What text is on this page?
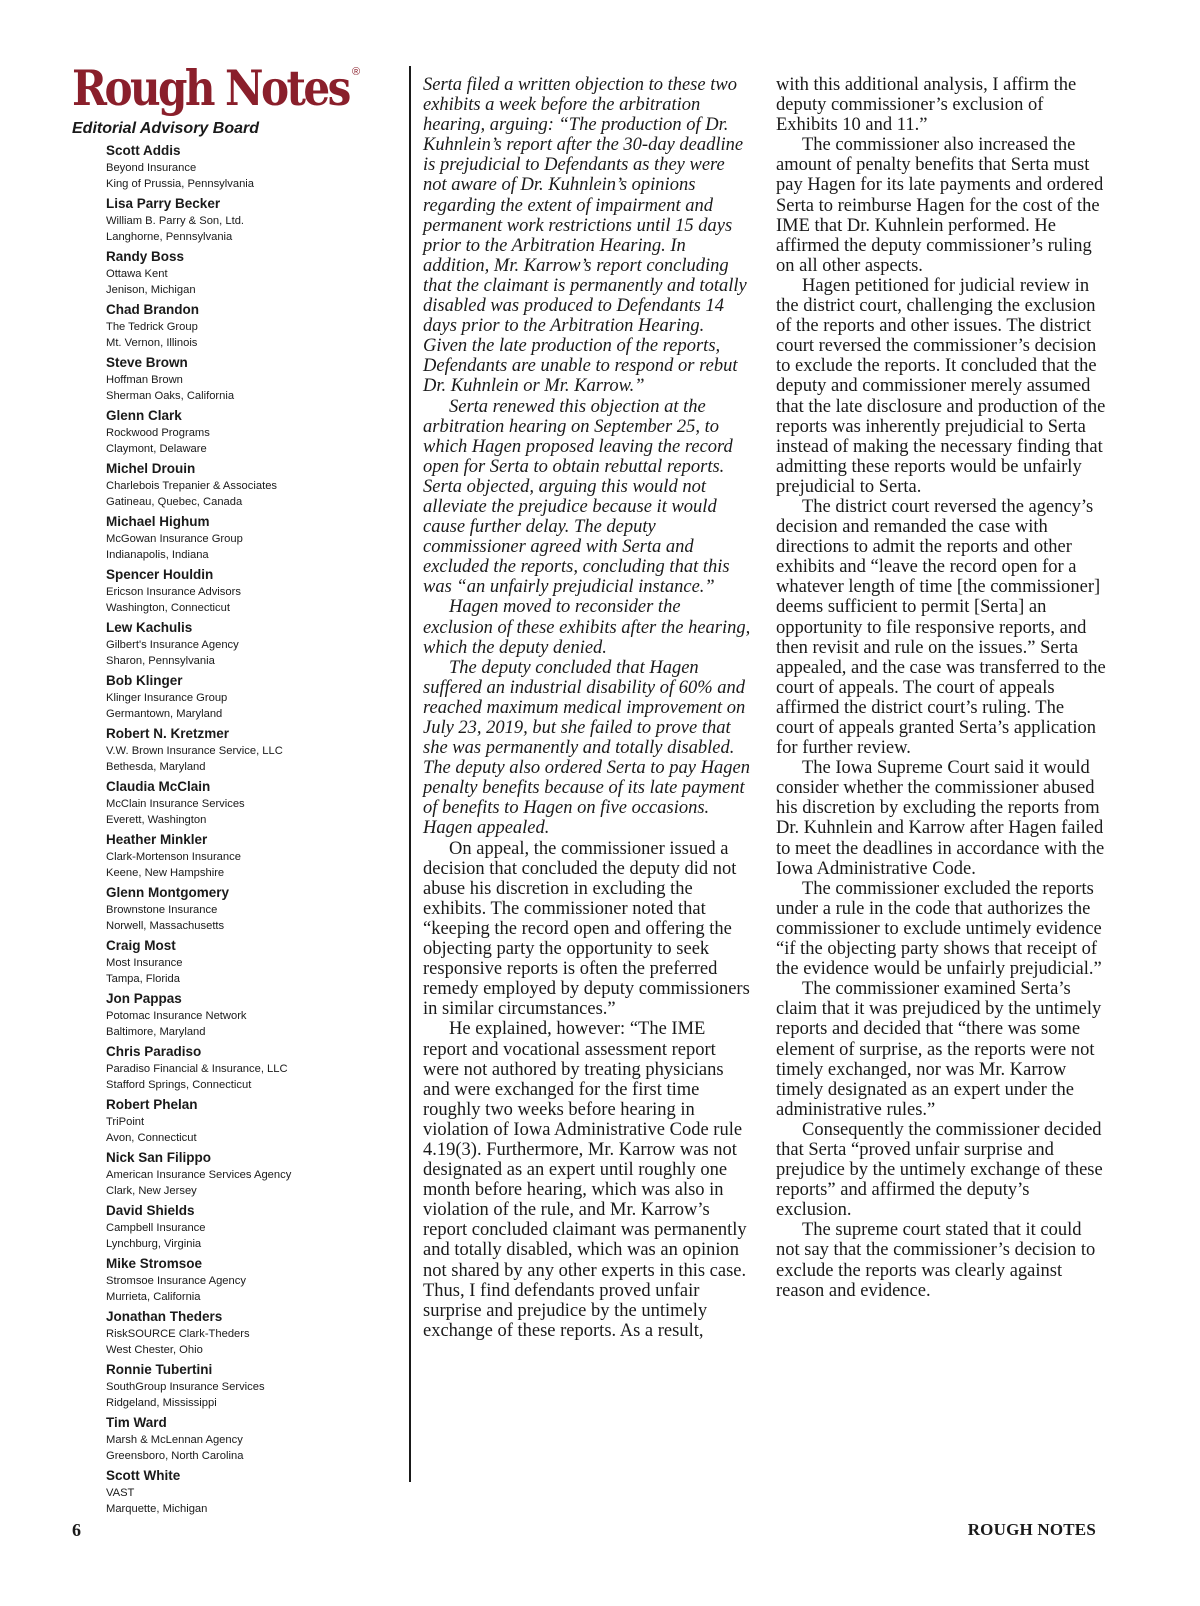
Rough Notes ®
Editorial Advisory Board
Scott Addis
Beyond Insurance
King of Prussia, Pennsylvania
Lisa Parry Becker
William B. Parry & Son, Ltd.
Langhorne, Pennsylvania
Randy Boss
Ottawa Kent
Jenison, Michigan
Chad Brandon
The Tedrick Group
Mt. Vernon, Illinois
Steve Brown
Hoffman Brown
Sherman Oaks, California
Glenn Clark
Rockwood Programs
Claymont, Delaware
Michel Drouin
Charlebois Trepanier & Associates
Gatineau, Quebec, Canada
Michael Highum
McGowan Insurance Group
Indianapolis, Indiana
Spencer Houldin
Ericson Insurance Advisors
Washington, Connecticut
Lew Kachulis
Gilbert's Insurance Agency
Sharon, Pennsylvania
Bob Klinger
Klinger Insurance Group
Germantown, Maryland
Robert N. Kretzmer
V.W. Brown Insurance Service, LLC
Bethesda, Maryland
Claudia McClain
McClain Insurance Services
Everett, Washington
Heather Minkler
Clark-Mortenson Insurance
Keene, New Hampshire
Glenn Montgomery
Brownstone Insurance
Norwell, Massachusetts
Craig Most
Most Insurance
Tampa, Florida
Jon Pappas
Potomac Insurance Network
Baltimore, Maryland
Chris Paradiso
Paradiso Financial & Insurance, LLC
Stafford Springs, Connecticut
Robert Phelan
TriPoint
Avon, Connecticut
Nick San Filippo
American Insurance Services Agency
Clark, New Jersey
David Shields
Campbell Insurance
Lynchburg, Virginia
Mike Stromsoe
Stromsoe Insurance Agency
Murrieta, California
Jonathan Theders
RiskSOURCE Clark-Theders
West Chester, Ohio
Ronnie Tubertini
SouthGroup Insurance Services
Ridgeland, Mississippi
Tim Ward
Marsh & McLennan Agency
Greensboro, North Carolina
Scott White
VAST
Marquette, Michigan

Serta filed a written objection to these two exhibits a week before the arbitration hearing, arguing: “The production of Dr. Kuhnlein’s report after the 30-day deadline is prejudicial to Defendants as they were not aware of Dr. Kuhnlein’s opinions regarding the extent of impairment and permanent work restrictions until 15 days prior to the Arbitration Hearing. In addition, Mr. Karrow’s report concluding that the claimant is permanently and totally disabled was produced to Defendants 14 days prior to the Arbitration Hearing. Given the late production of the reports, Defendants are unable to respond or rebut Dr. Kuhnlein or Mr. Karrow.”

Serta renewed this objection at the arbitration hearing on September 25, to which Hagen proposed leaving the record open for Serta to obtain rebuttal reports. Serta objected, arguing this would not alleviate the prejudice because it would cause further delay. The deputy commissioner agreed with Serta and excluded the reports, concluding that this was “an unfairly prejudicial instance.”

Hagen moved to reconsider the exclusion of these exhibits after the hearing, which the deputy denied.

The deputy concluded that Hagen suffered an industrial disability of 60% and reached maximum medical improvement on July 23, 2019, but she failed to prove that she was permanently and totally disabled. The deputy also ordered Serta to pay Hagen penalty benefits because of its late payment of benefits to Hagen on five occasions. Hagen appealed.

On appeal, the commissioner issued a decision that concluded the deputy did not abuse his discretion in excluding the exhibits. The commissioner noted that “keeping the record open and offering the objecting party the opportunity to seek responsive reports is often the preferred remedy employed by deputy commissioners in similar circumstances.”

He explained, however: “The IME report and vocational assessment report were not authored by treating physicians and were exchanged for the first time roughly two weeks before hearing in violation of Iowa Administrative Code rule 4.19(3). Furthermore, Mr. Karrow was not designated as an expert until roughly one month before hearing, which was also in violation of the rule, and Mr. Karrow’s report concluded claimant was permanently and totally disabled, which was an opinion not shared by any other experts in this case. Thus, I find defendants proved unfair surprise and prejudice by the untimely exchange of these reports. As a result,

with this additional analysis, I affirm the deputy commissioner’s exclusion of Exhibits 10 and 11.”

The commissioner also increased the amount of penalty benefits that Serta must pay Hagen for its late payments and ordered Serta to reimburse Hagen for the cost of the IME that Dr. Kuhnlein performed. He affirmed the deputy commissioner’s ruling on all other aspects.

Hagen petitioned for judicial review in the district court, challenging the exclusion of the reports and other issues. The district court reversed the commissioner’s decision to exclude the reports. It concluded that the deputy and commissioner merely assumed that the late disclosure and production of the reports was inherently prejudicial to Serta instead of making the necessary finding that admitting these reports would be unfairly prejudicial to Serta.

The district court reversed the agency’s decision and remanded the case with directions to admit the reports and other exhibits and “leave the record open for a whatever length of time [the commissioner] deems sufficient to permit [Serta] an opportunity to file responsive reports, and then revisit and rule on the issues.” Serta appealed, and the case was transferred to the court of appeals. The court of appeals affirmed the district court’s ruling. The court of appeals granted Serta’s application for further review.

The Iowa Supreme Court said it would consider whether the commissioner abused his discretion by excluding the reports from Dr. Kuhnlein and Karrow after Hagen failed to meet the deadlines in accordance with the Iowa Administrative Code.

The commissioner excluded the reports under a rule in the code that authorizes the commissioner to exclude untimely evidence “if the objecting party shows that receipt of the evidence would be unfairly prejudicial.”

The commissioner examined Serta’s claim that it was prejudiced by the untimely reports and decided that “there was some element of surprise, as the reports were not timely exchanged, nor was Mr. Karrow timely designated as an expert under the administrative rules.”

Consequently the commissioner decided that Serta “proved unfair surprise and prejudice by the untimely exchange of these reports” and affirmed the deputy’s exclusion.

The supreme court stated that it could not say that the commissioner’s decision to exclude the reports was clearly against reason and evidence.

6	ROUGH NOTES
